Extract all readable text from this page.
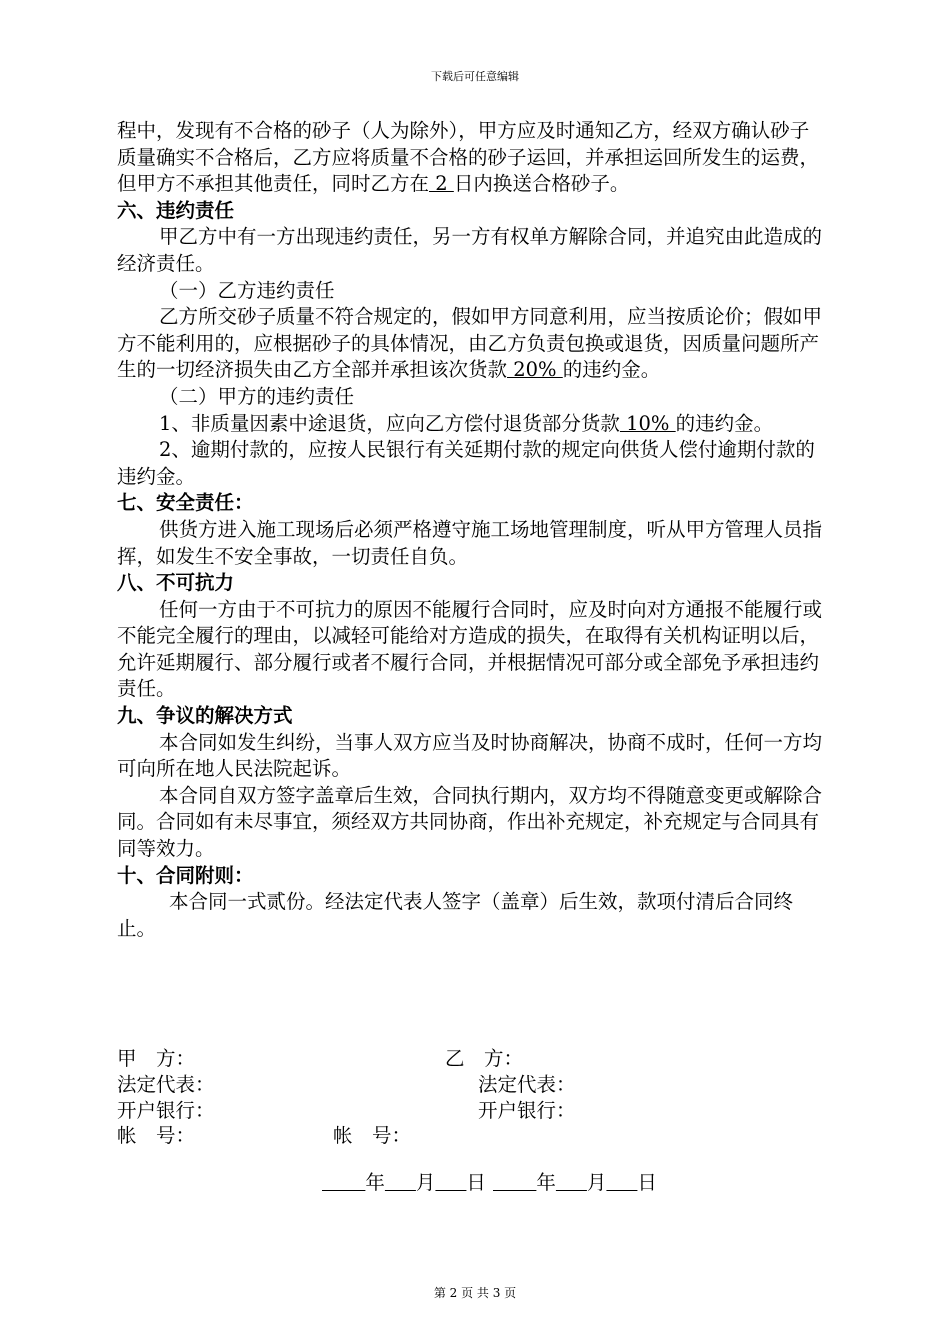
下载后可任意编辑

程中，发现有不合格的砂子（人为除外），甲方应及时通知乙方，经双方确认砂子质量确实不合格后，乙方应将质量不合格的砂子运回，并承担运回所发生的运费，但甲方不承担其他责任，同时乙方在 2 日内换送合格砂子。

六、违约责任

甲乙方中有一方出现违约责任，另一方有权单方解除合同，并追究由此造成的经济责任。

（一）乙方违约责任

乙方所交砂子质量不符合规定的，假如甲方同意利用，应当按质论价；假如甲方不能利用的，应根据砂子的具体情况，由乙方负责包换或退货，因质量问题所产生的一切经济损失由乙方全部并承担该次货款 20% 的违约金。

（二）甲方的违约责任

1、非质量因素中途退货，应向乙方偿付退货部分货款 10% 的违约金。

2、逾期付款的，应按人民银行有关延期付款的规定向供货人偿付逾期付款的违约金。

七、安全责任：

供货方进入施工现场后必须严格遵守施工场地管理制度，听从甲方管理人员指挥，如发生不安全事故，一切责任自负。

八、不可抗力

任何一方由于不可抗力的原因不能履行合同时，应及时向对方通报不能履行或不能完全履行的理由，以减轻可能给对方造成的损失，在取得有关机构证明以后，允许延期履行、部分履行或者不履行合同，并根据情况可部分或全部免予承担违约责任。

九、争议的解决方式

本合同如发生纠纷，当事人双方应当及时协商解决，协商不成时，任何一方均可向所在地人民法院起诉。

本合同自双方签字盖章后生效，合同执行期内，双方均不得随意变更或解除合同。合同如有未尽事宜，须经双方共同协商，作出补充规定，补充规定与合同具有同等效力。

十、合同附则：

本合同一式贰份。经法定代表人签字（盖章）后生效，款项付清后合同终止。

甲　方：	乙　方：
法定代表：	法定代表：
开户银行：	开户银行：
帐　号：	帐　号：
年 月 日	年 月 日
第 2 页 共 3 页
